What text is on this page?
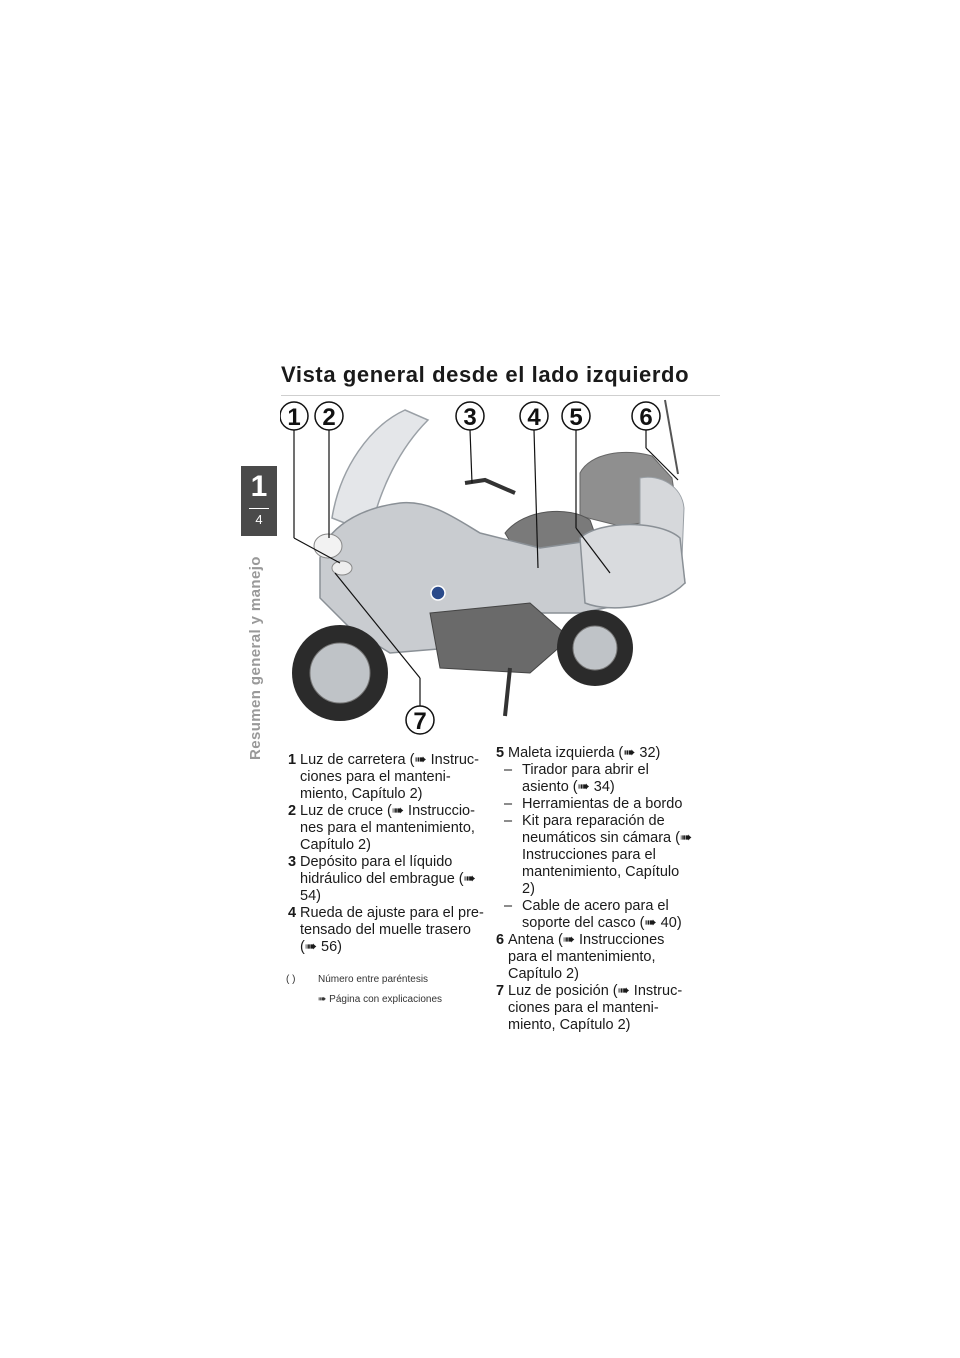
1
4
Resumen general y manejo
Vista general desde el lado izquierdo
1 2	3 4 5 6
7
1 Luz de carretera (➠ Instruc-ciones para el manteni-miento, Capítulo 2)
2 Luz de cruce (➠ Instruccio-nes para el mantenimiento, Capítulo 2)
3 Depósito para el líquido hidráulico del embrague (➠ 54)
4 Rueda de ajuste para el pre-tensado del muelle trasero (➠ 56)
( )	Número entre paréntesis
➠ Página con explicaciones
5 Maleta izquierda (➠ 32)
– Tirador para abrir el asiento (➠ 34)
– Herramientas de a bordo
– Kit para reparación de neumáticos sin cámara (➠ Instrucciones para el mantenimiento, Capítulo 2)
– Cable de acero para el soporte del casco (➠ 40)
6 Antena (➠ Instrucciones para el mantenimiento, Capítulo 2)
7 Luz de posición (➠ Instruc-ciones para el manteni-miento, Capítulo 2)
